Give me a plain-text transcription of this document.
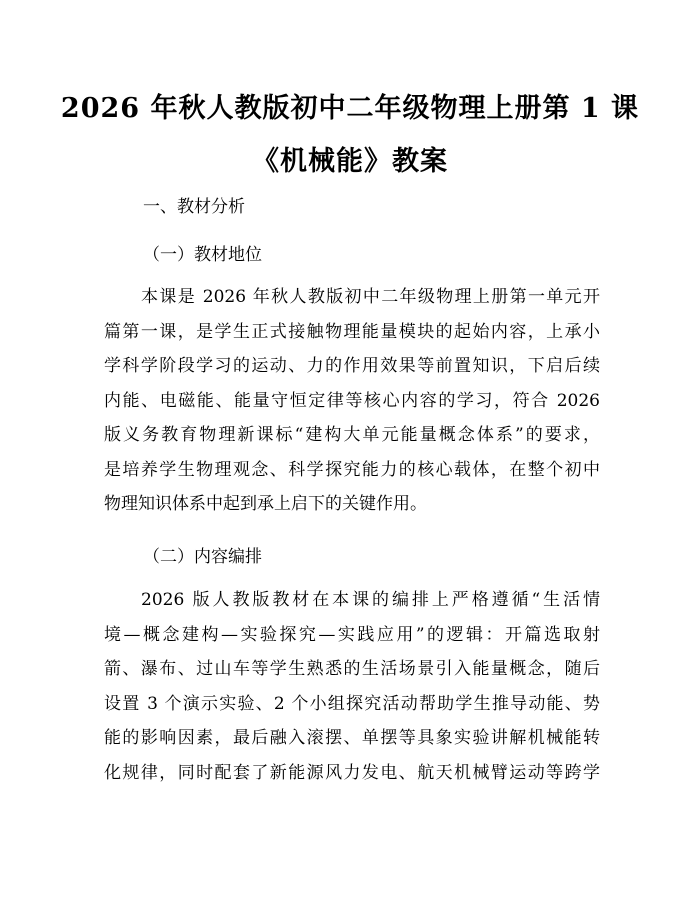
2026 年秋人教版初中二年级物理上册第 1 课
《机械能》教案
一、教材分析
（一）教材地位
本课是 2026 年秋人教版初中二年级物理上册第一单元开
篇第一课，是学生正式接触物理能量模块的起始内容，上承小
学科学阶段学习的运动、力的作用效果等前置知识，下启后续
内能、电磁能、能量守恒定律等核心内容的学习，符合 2026
版义务教育物理新课标“建构大单元能量概念体系”的要求，
是培养学生物理观念、科学探究能力的核心载体，在整个初中
物理知识体系中起到承上启下的关键作用。
（二）内容编排
2026 版人教版教材在本课的编排上严格遵循“生活情
境—概念建构—实验探究—实践应用”的逻辑：开篇选取射
箭、瀑布、过山车等学生熟悉的生活场景引入能量概念，随后
设置 3 个演示实验、2 个小组探究活动帮助学生推导动能、势
能的影响因素，最后融入滚摆、单摆等具象实验讲解机械能转
化规律，同时配套了新能源风力发电、航天机械臂运动等跨学
